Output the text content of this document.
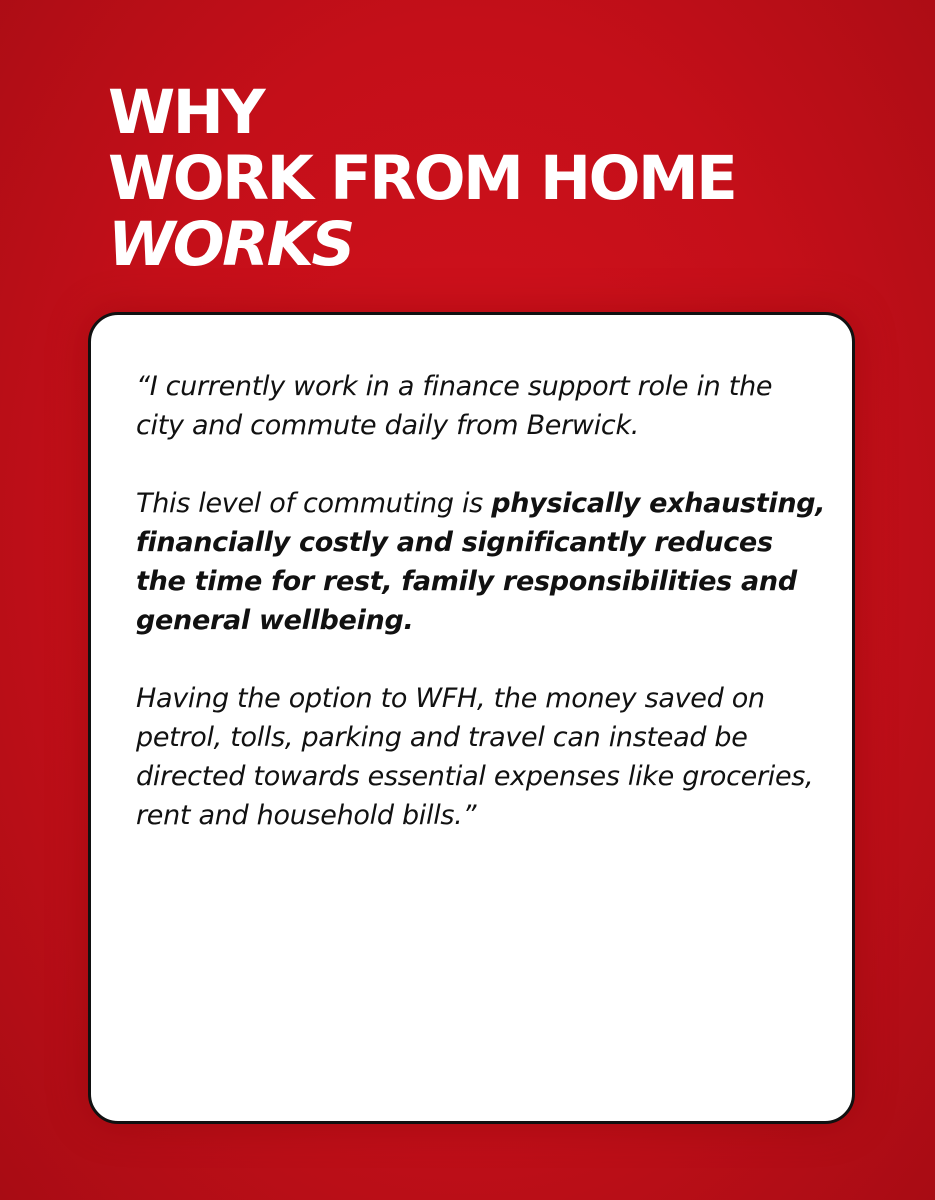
WHY
WORK FROM HOME
WORKS

“I currently work in a finance support role in the city and commute daily from Berwick.

This level of commuting is physically exhausting, financially costly and significantly reduces the time for rest, family responsibilities and general wellbeing.

Having the option to WFH, the money saved on petrol, tolls, parking and travel can instead be directed towards essential expenses like groceries, rent and household bills.”
